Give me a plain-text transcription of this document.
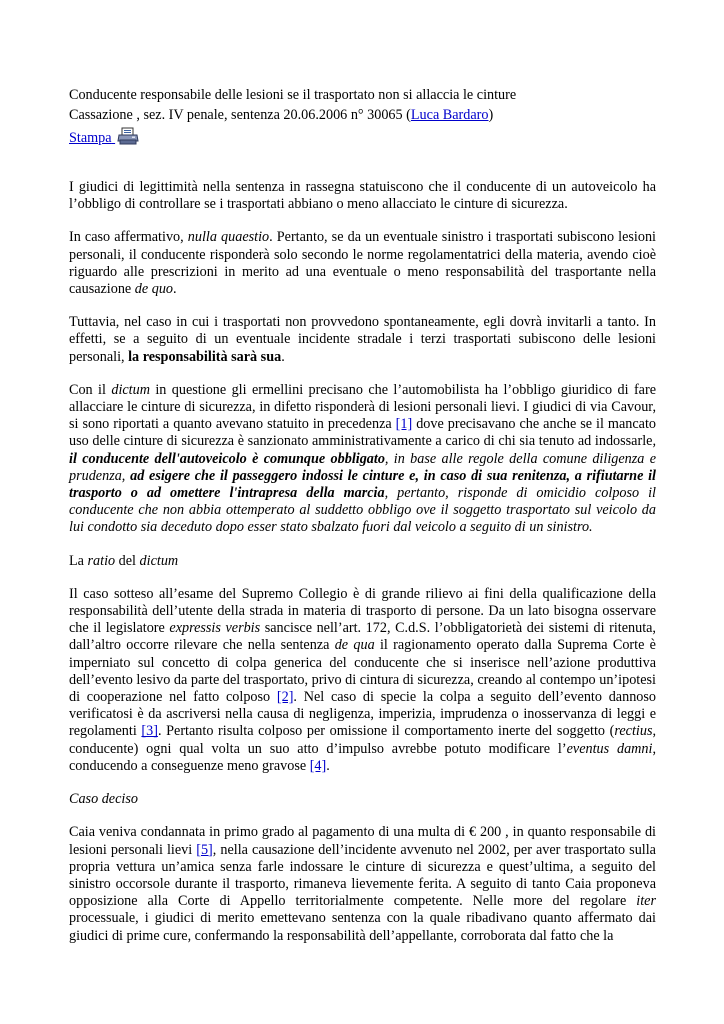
Conducente responsabile delle lesioni se il trasportato non si allaccia le cinture
Cassazione , sez. IV penale, sentenza 20.06.2006 n° 30065 (Luca Bardaro)
Stampa

I giudici di legittimità nella sentenza in rassegna statuiscono che il conducente di un autoveicolo ha l’obbligo di controllare se i trasportati abbiano o meno allacciato le cinture di sicurezza.

In caso affermativo, nulla quaestio. Pertanto, se da un eventuale sinistro i trasportati subiscono lesioni personali, il conducente risponderà solo secondo le norme regolamentatrici della materia, avendo cioè riguardo alle prescrizioni in merito ad una eventuale o meno responsabilità del trasportante nella causazione de quo.

Tuttavia, nel caso in cui i trasportati non provvedono spontaneamente, egli dovrà invitarli a tanto. In effetti, se a seguito di un eventuale incidente stradale i terzi trasportati subiscono delle lesioni personali, la responsabilità sarà sua.

Con il dictum in questione gli ermellini precisano che l’automobilista ha l’obbligo giuridico di fare allacciare le cinture di sicurezza, in difetto risponderà di lesioni personali lievi. I giudici di via Cavour, si sono riportati a quanto avevano statuito in precedenza [1] dove precisavano che anche se il mancato uso delle cinture di sicurezza è sanzionato amministrativamente a carico di chi sia tenuto ad indossarle, il conducente dell'autoveicolo è comunque obbligato, in base alle regole della comune diligenza e prudenza, ad esigere che il passeggero indossi le cinture e, in caso di sua renitenza, a rifiutarne il trasporto o ad omettere l'intrapresa della marcia, pertanto, risponde di omicidio colposo il conducente che non abbia ottemperato al suddetto obbligo ove il soggetto trasportato sul veicolo da lui condotto sia deceduto dopo esser stato sbalzato fuori dal veicolo a seguito di un sinistro.

La ratio del dictum

Il caso sotteso all’esame del Supremo Collegio è di grande rilievo ai fini della qualificazione della responsabilità dell’utente della strada in materia di trasporto di persone. Da un lato bisogna osservare che il legislatore expressis verbis sancisce nell’art. 172, C.d.S. l’obbligatorietà dei sistemi di ritenuta, dall’altro occorre rilevare che nella sentenza de qua il ragionamento operato dalla Suprema Corte è imperniato sul concetto di colpa generica del conducente che si inserisce nell’azione produttiva dell’evento lesivo da parte del trasportato, privo di cintura di sicurezza, creando al contempo un’ipotesi di cooperazione nel fatto colposo [2]. Nel caso di specie la colpa a seguito dell’evento dannoso verificatosi è da ascriversi nella causa di negligenza, imperizia, imprudenza o inosservanza di leggi e regolamenti [3]. Pertanto risulta colposo per omissione il comportamento inerte del soggetto (rectius, conducente) ogni qual volta un suo atto d’impulso avrebbe potuto modificare l’eventus damni, conducendo a conseguenze meno gravose [4].

Caso deciso

Caia veniva condannata in primo grado al pagamento di una multa di € 200 , in quanto responsabile di lesioni personali lievi [5], nella causazione dell’incidente avvenuto nel 2002, per aver trasportato sulla propria vettura un’amica senza farle indossare le cinture di sicurezza e quest’ultima, a seguito del sinistro occorsole durante il trasporto, rimaneva lievemente ferita. A seguito di tanto Caia proponeva opposizione alla Corte di Appello territorialmente competente. Nelle more del regolare iter processuale, i giudici di merito emettevano sentenza con la quale ribadivano quanto affermato dai giudici di prime cure, confermando la responsabilità dell’appellante, corroborata dal fatto che la
